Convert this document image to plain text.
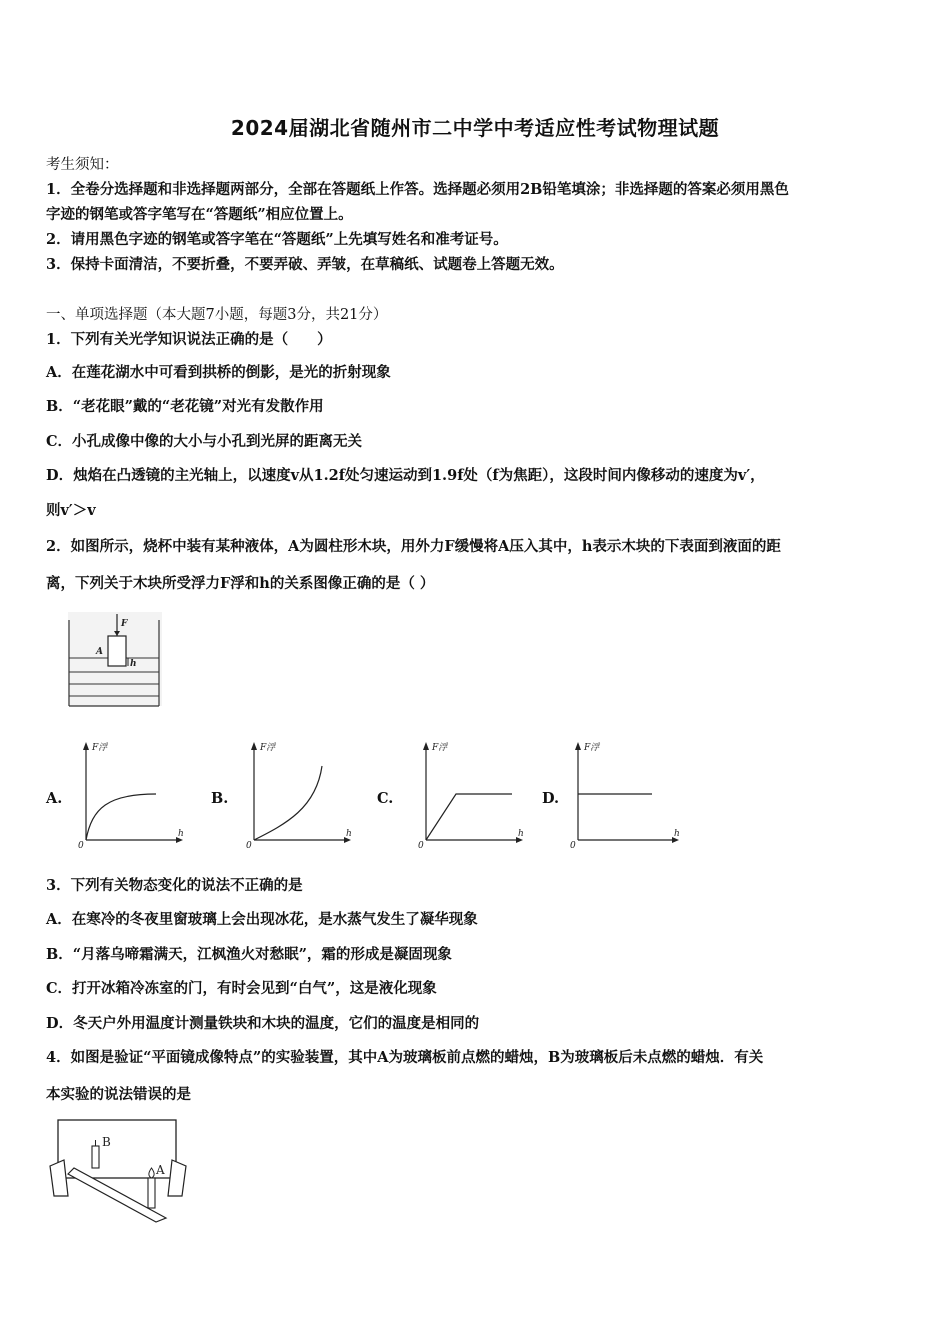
2024届湖北省随州市二中学中考适应性考试物理试题
考生须知：
1．全卷分选择题和非选择题两部分，全部在答题纸上作答。选择题必须用2B铅笔填涂；非选择题的答案必须用黑色
字迹的钢笔或答字笔写在“答题纸”相应位置上。
2．请用黑色字迹的钢笔或答字笔在“答题纸”上先填写姓名和准考证号。
3．保持卡面清洁，不要折叠，不要弄破、弄皱，在草稿纸、试题卷上答题无效。
一、单项选择题（本大题7小题，每题3分，共21分）
1．下列有关光学知识说法正确的是（　　）
A．在莲花湖水中可看到拱桥的倒影，是光的折射现象
B．“老花眼”戴的“老花镜”对光有发散作用
C．小孔成像中像的大小与小孔到光屏的距离无关
D．烛焰在凸透镜的主光轴上，以速度v从1.2f处匀速运动到1.9f处（f为焦距），这段时间内像移动的速度为v′，
则v′＞v
2．如图所示，烧杯中装有某种液体，A为圆柱形木块，用外力F缓慢将A压入其中，h表示木块的下表面到液面的距
离，下列关于木块所受浮力F浮和h的关系图像正确的是（ ）
F
A
h
A.	B.	C.	D.
F浮
h
0
F浮
h
0
F浮
h
0
F浮
h
0
3．下列有关物态变化的说法不正确的是
A．在寒冷的冬夜里窗玻璃上会出现冰花，是水蒸气发生了凝华现象
B．“月落乌啼霜满天，江枫渔火对愁眠”，霜的形成是凝固现象
C．打开冰箱冷冻室的门，有时会见到“白气”，这是液化现象
D．冬天户外用温度计测量铁块和木块的温度，它们的温度是相同的
4．如图是验证“平面镜成像特点”的实验装置，其中A为玻璃板前点燃的蜡烛，B为玻璃板后未点燃的蜡烛．有关
本实验的说法错误的是
B
A
